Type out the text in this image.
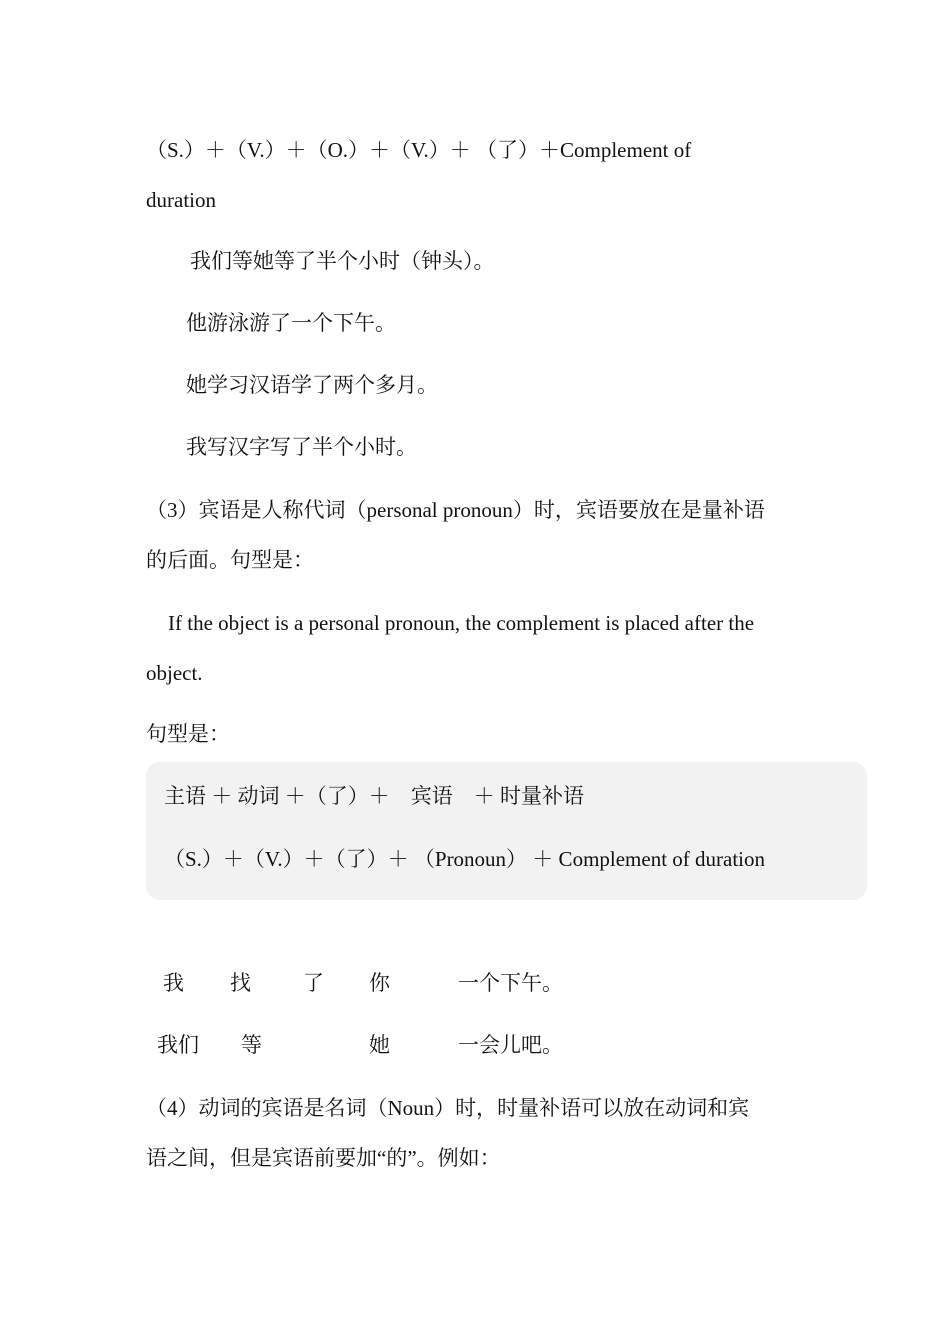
（S.）＋（V.）＋（O.）＋（V.）＋ （了）＋Complement of
duration
我们等她等了半个小时（钟头）。
他游泳游了一个下午。
她学习汉语学了两个多月。
我写汉字写了半个小时。
（3）宾语是人称代词（personal pronoun）时，宾语要放在是量补语
的后面。句型是：
If the object is a personal pronoun, the complement is placed after the
object.
句型是：
主语 ＋ 动词 ＋（了）＋　宾语　＋ 时量补语
（S.）＋（V.）＋（了）＋ （Pronoun） ＋ Complement of duration
我 找 了 你	一个下午。
我们 等	她	一会儿吧。
（4）动词的宾语是名词（Noun）时，时量补语可以放在动词和宾
语之间，但是宾语前要加“的”。例如：
